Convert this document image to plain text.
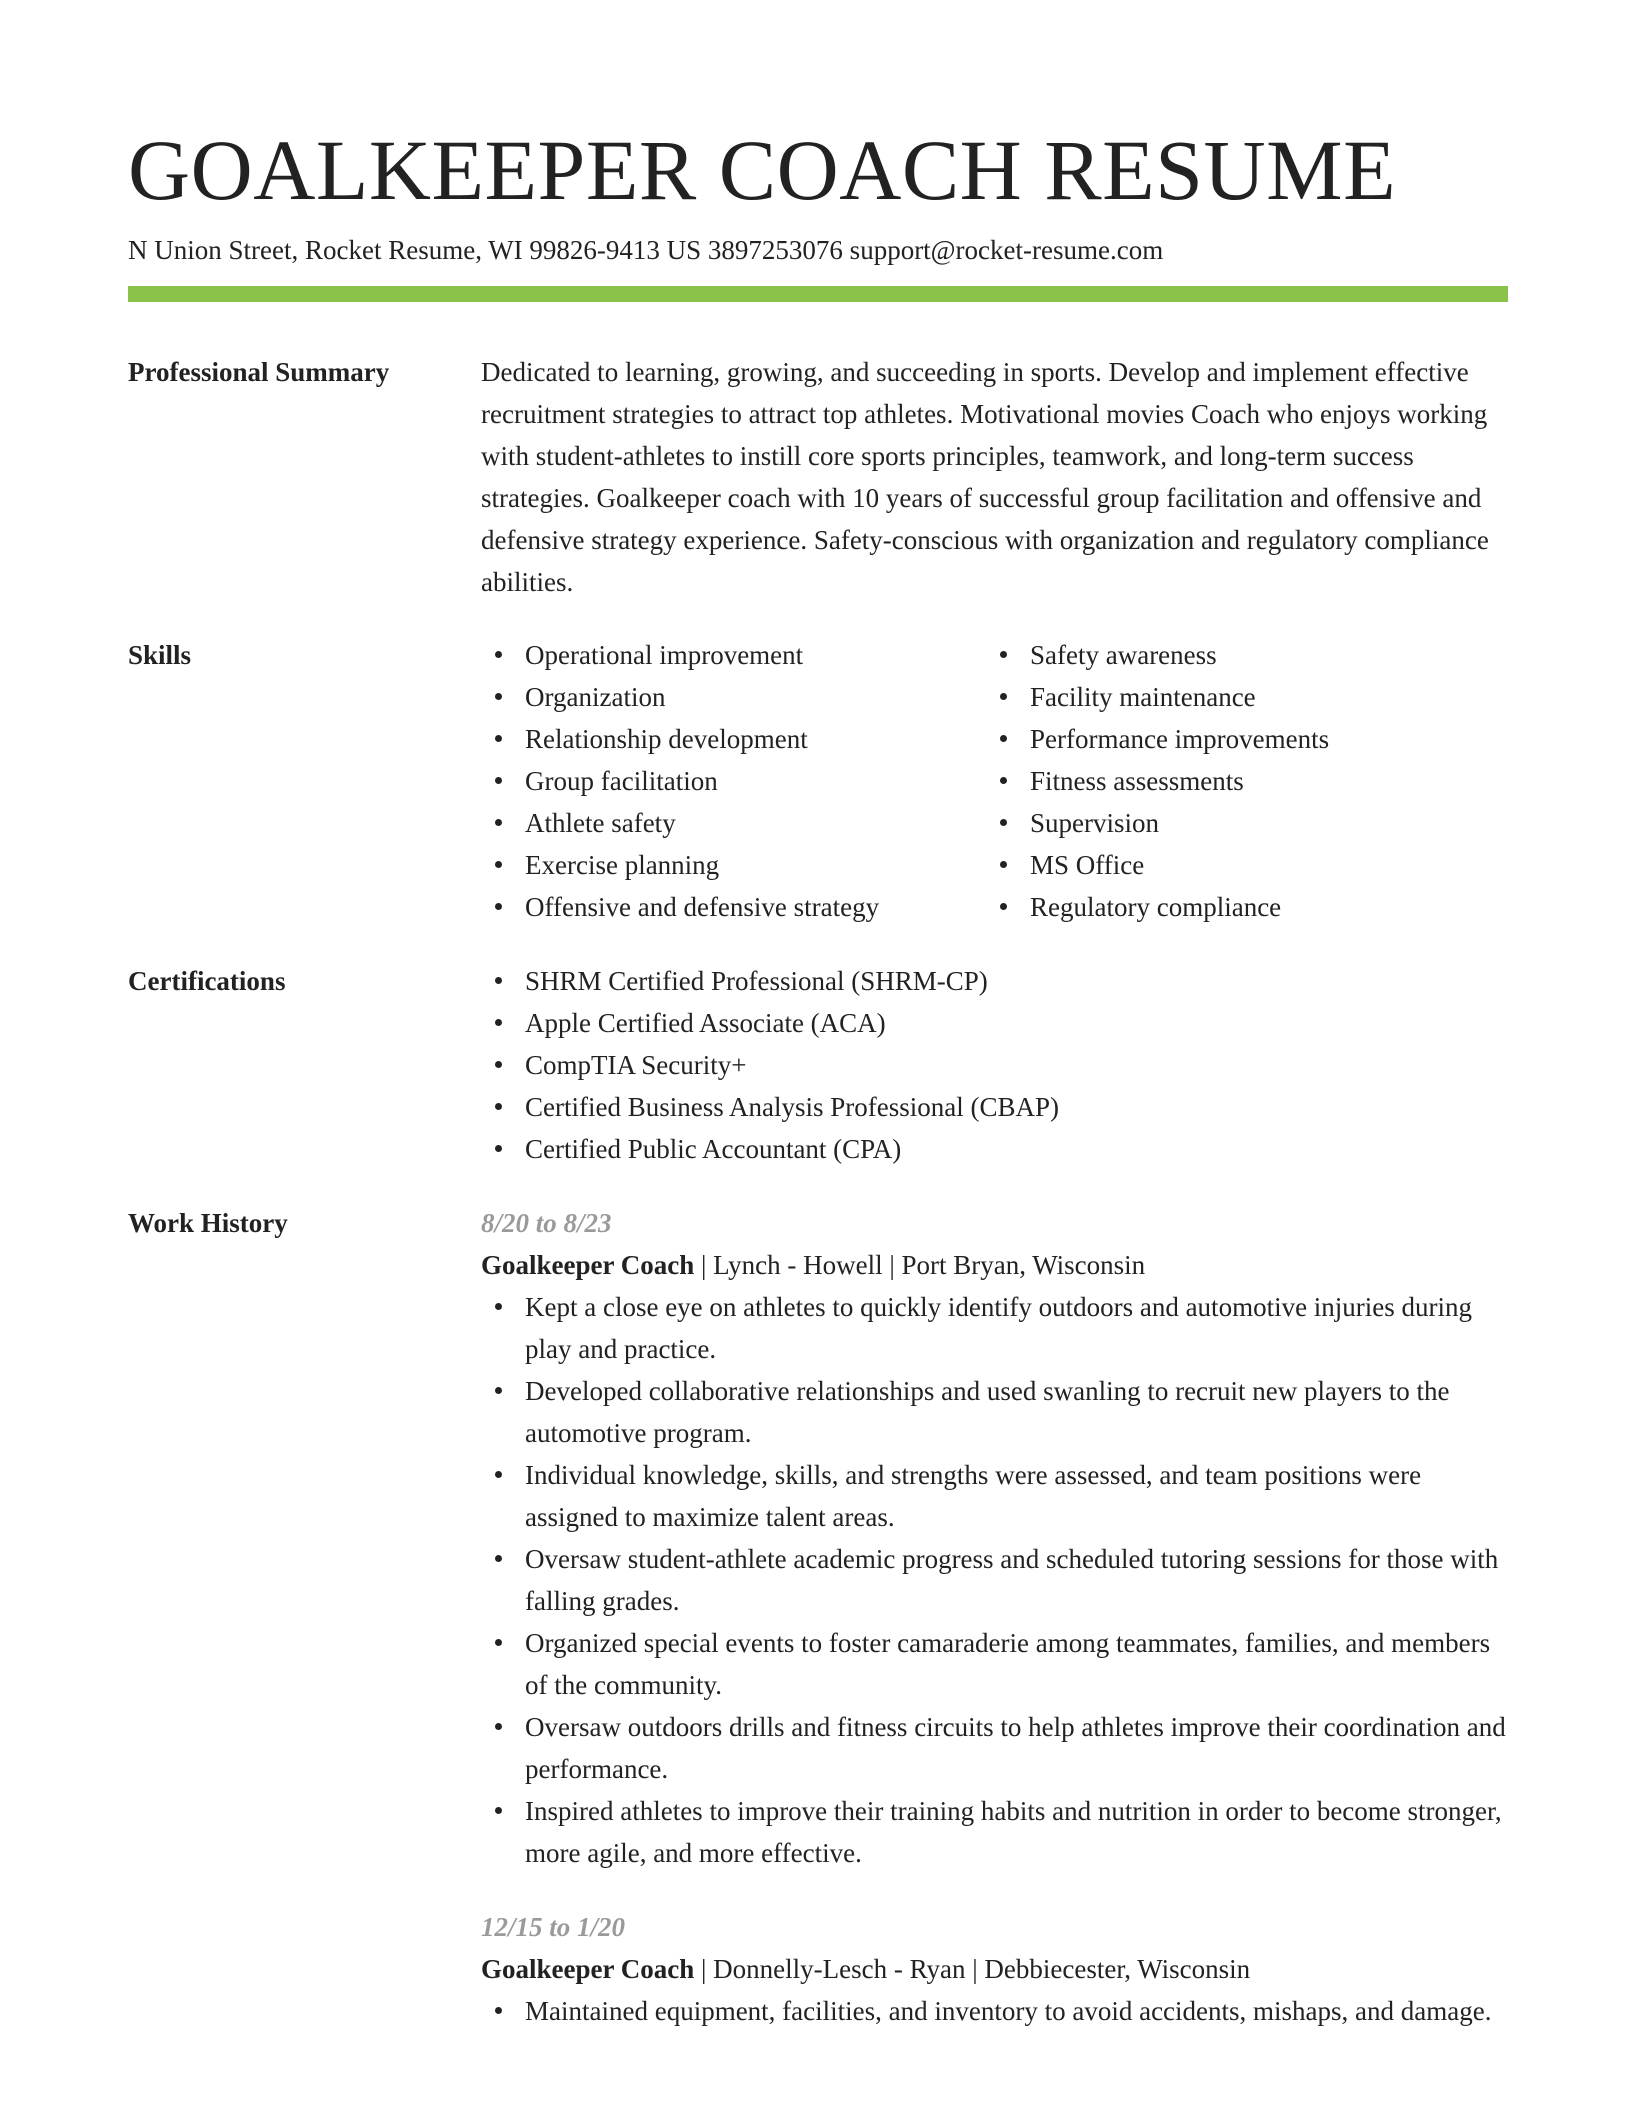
GOALKEEPER COACH RESUME
N Union Street, Rocket Resume, WI 99826-9413 US 3897253076 support@rocket-resume.com
Professional Summary	Dedicated to learning, growing, and succeeding in sports. Develop and implement effective recruitment strategies to attract top athletes. Motivational movies Coach who enjoys working with student-athletes to instill core sports principles, teamwork, and long-term success strategies. Goalkeeper coach with 10 years of successful group facilitation and offensive and defensive strategy experience. Safety-conscious with organization and regulatory compliance abilities.

Skills	Operational improvement
Organization
Relationship development
Group facilitation
Athlete safety
Exercise planning
Offensive and defensive strategy
Safety awareness
Facility maintenance
Performance improvements
Fitness assessments
Supervision
MS Office
Regulatory compliance
Certifications	SHRM Certified Professional (SHRM-CP)
Apple Certified Associate (ACA)
CompTIA Security+
Certified Business Analysis Professional (CBAP)
Certified Public Accountant (CPA)
Work History	8/20 to 8/23
Goalkeeper Coach | Lynch - Howell | Port Bryan, Wisconsin
Kept a close eye on athletes to quickly identify outdoors and automotive injuries during play and practice.
Developed collaborative relationships and used swanling to recruit new players to the automotive program.
Individual knowledge, skills, and strengths were assessed, and team positions were assigned to maximize talent areas.
Oversaw student-athlete academic progress and scheduled tutoring sessions for those with falling grades.
Organized special events to foster camaraderie among teammates, families, and members of the community.
Oversaw outdoors drills and fitness circuits to help athletes improve their coordination and performance.
Inspired athletes to improve their training habits and nutrition in order to become stronger, more agile, and more effective.
12/15 to 1/20
Goalkeeper Coach | Donnelly-Lesch - Ryan | Debbiecester, Wisconsin
Maintained equipment, facilities, and inventory to avoid accidents, mishaps, and damage.
